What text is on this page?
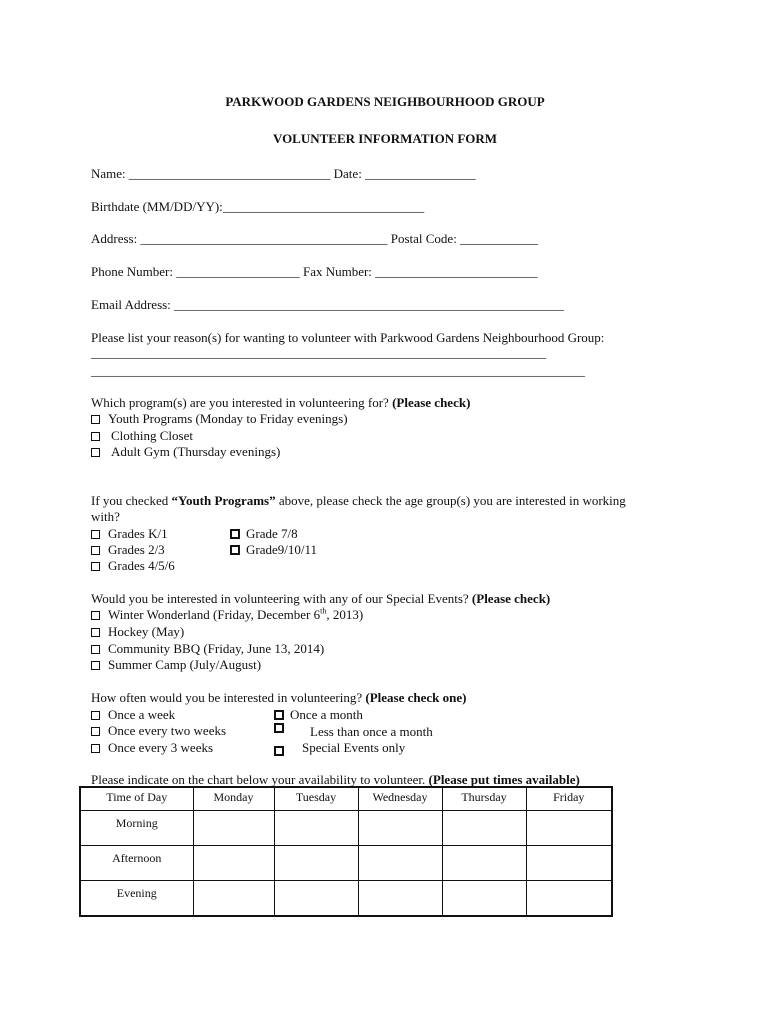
PARKWOOD GARDENS NEIGHBOURHOOD GROUP
VOLUNTEER INFORMATION FORM
Name: _______________________________ Date: _________________
Birthdate (MM/DD/YY):_______________________________
Address: ______________________________________ Postal Code: ____________
Phone Number: ___________________ Fax Number: _________________________
Email Address: ____________________________________________________________
Please list your reason(s) for wanting to volunteer with Parkwood Gardens Neighbourhood Group:
______________________________________________________________________
____________________________________________________________________________
Which program(s) are you interested in volunteering for? (Please check)
Youth Programs (Monday to Friday evenings)
Clothing Closet
Adult Gym (Thursday evenings)
If you checked “Youth Programs” above, please check the age group(s) you are interested in working
with?
Grades K/1
Grades 2/3
Grades 4/5/6
Grade 7/8
Grade9/10/11
Would you be interested in volunteering with any of our Special Events? (Please check)
Winter Wonderland (Friday, December 6th, 2013)
Hockey (May)
Community BBQ (Friday, June 13, 2014)
Summer Camp (July/August)
How often would you be interested in volunteering? (Please check one)
Once a week
Once every two weeks
Once every 3 weeks
Once a month
Less than once a month
Special Events only
Please indicate on the chart below your availability to volunteer. (Please put times available)
Time of Day	Monday	Tuesday	Wednesday	Thursday	Friday
Morning					
Afternoon					
Evening					
